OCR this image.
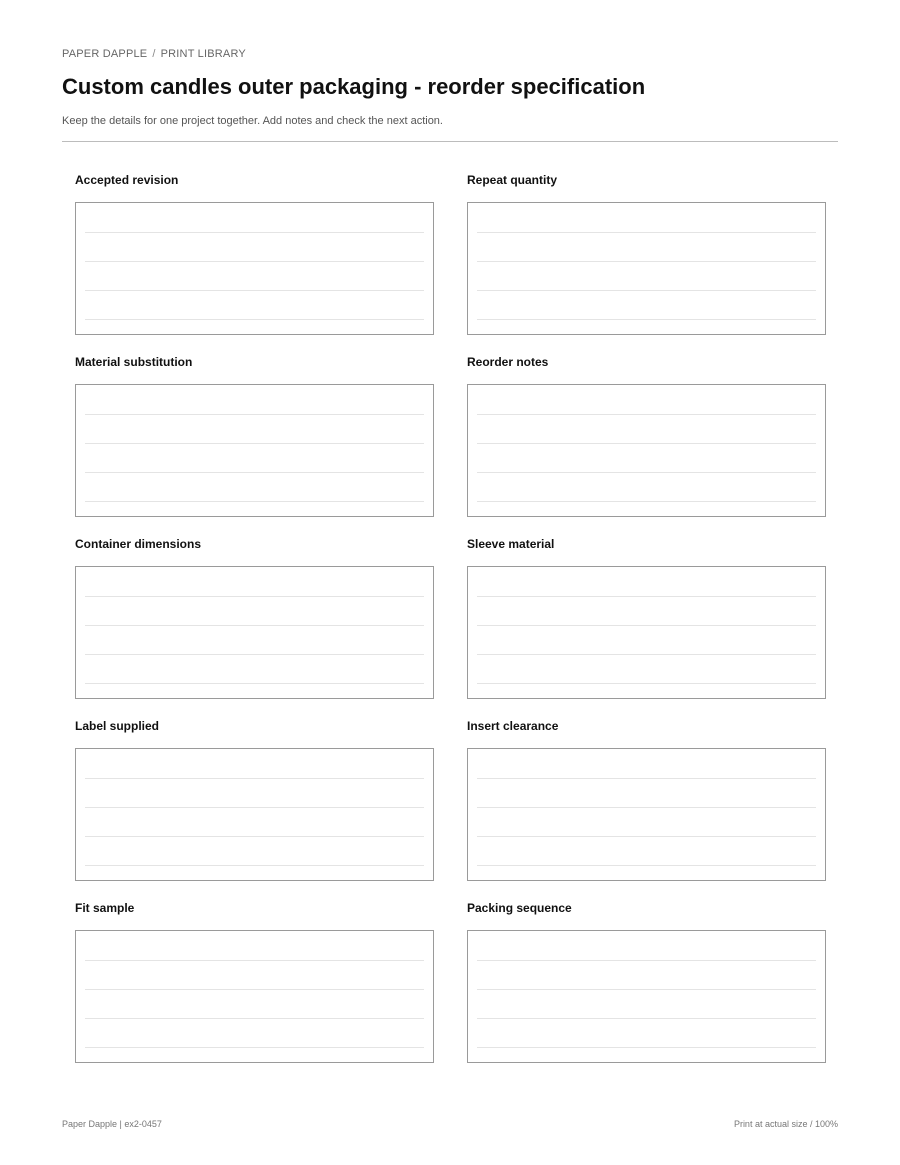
PAPER DAPPLE / PRINT LIBRARY
Custom candles outer packaging - reorder specification
Keep the details for one project together. Add notes and check the next action.
Accepted revision	Repeat quantity
Material substitution	Reorder notes
Container dimensions	Sleeve material
Label supplied	Insert clearance
Fit sample	Packing sequence
Paper Dapple | ex2-0457	Print at actual size / 100%
